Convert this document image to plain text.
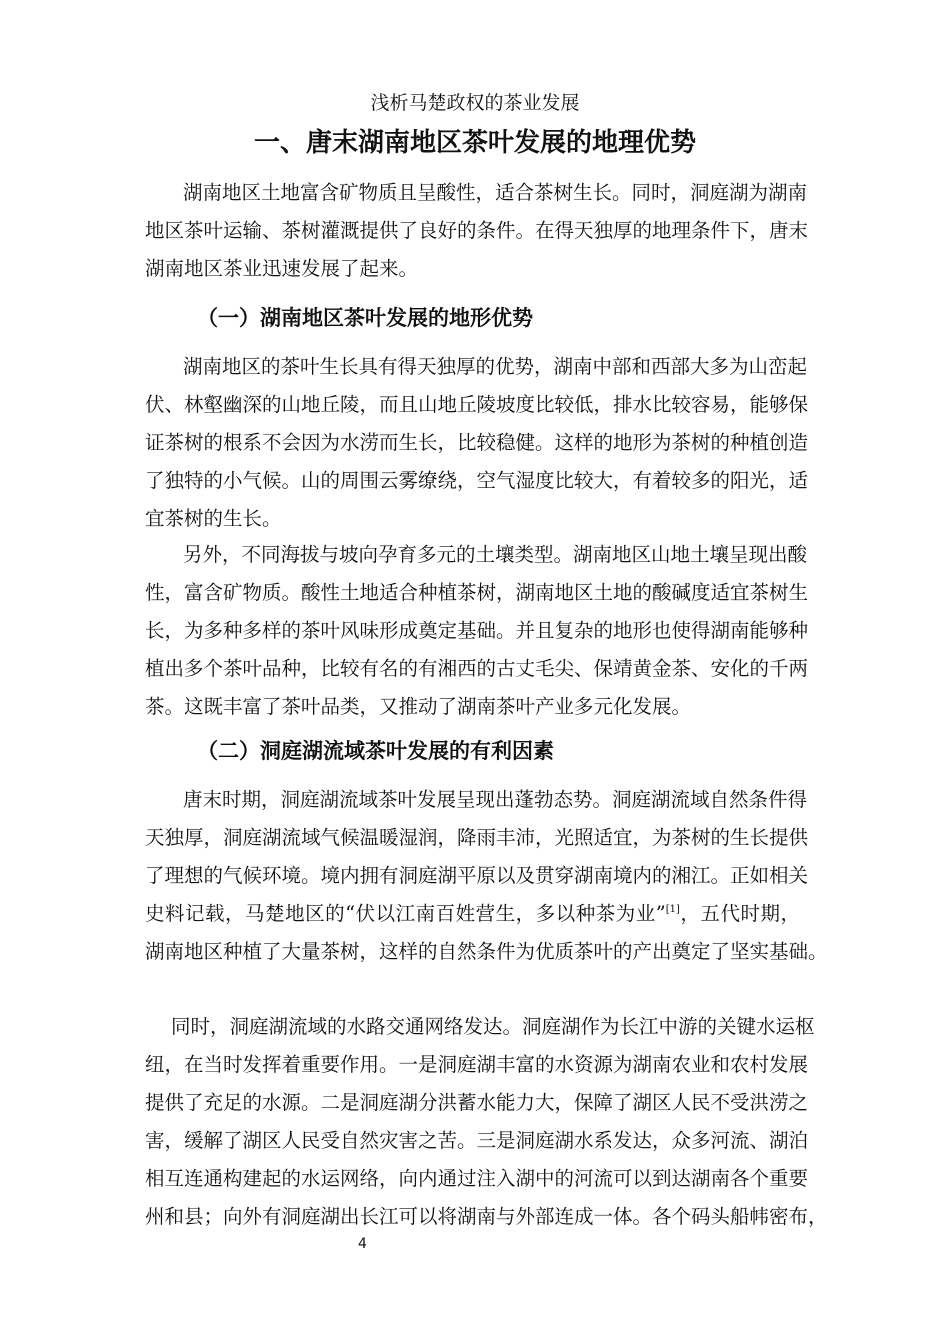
浅析马楚政权的茶业发展
一、唐末湖南地区茶叶发展的地理优势
湖南地区土地富含矿物质且呈酸性，适合茶树生长。同时，洞庭湖为湖南
地区茶叶运输、茶树灌溉提供了良好的条件。在得天独厚的地理条件下，唐末
湖南地区茶业迅速发展了起来。
（一）湖南地区茶叶发展的地形优势
湖南地区的茶叶生长具有得天独厚的优势，湖南中部和西部大多为山峦起
伏、林壑幽深的山地丘陵，而且山地丘陵坡度比较低，排水比较容易，能够保
证茶树的根系不会因为水涝而生长，比较稳健。这样的地形为茶树的种植创造
了独特的小气候。山的周围云雾缭绕，空气湿度比较大，有着较多的阳光，适
宜茶树的生长。
另外，不同海拔与坡向孕育多元的土壤类型。湖南地区山地土壤呈现出酸
性，富含矿物质。酸性土地适合种植茶树，湖南地区土地的酸碱度适宜茶树生
长，为多种多样的茶叶风味形成奠定基础。并且复杂的地形也使得湖南能够种
植出多个茶叶品种，比较有名的有湘西的古丈毛尖、保靖黄金茶、安化的千两
茶。这既丰富了茶叶品类，又推动了湖南茶叶产业多元化发展。
（二）洞庭湖流域茶叶发展的有利因素
唐末时期，洞庭湖流域茶叶发展呈现出蓬勃态势。洞庭湖流域自然条件得
天独厚，洞庭湖流域气候温暖湿润，降雨丰沛，光照适宜，为茶树的生长提供
了理想的气候环境。境内拥有洞庭湖平原以及贯穿湖南境内的湘江。正如相关
史料记载，马楚地区的“伏以江南百姓营生，多以种茶为业”[1]，五代时期，
湖南地区种植了大量茶树，这样的自然条件为优质茶叶的产出奠定了坚实基础。
同时，洞庭湖流域的水路交通网络发达。洞庭湖作为长江中游的关键水运枢
纽，在当时发挥着重要作用。一是洞庭湖丰富的水资源为湖南农业和农村发展
提供了充足的水源。二是洞庭湖分洪蓄水能力大，保障了湖区人民不受洪涝之
害，缓解了湖区人民受自然灾害之苦。三是洞庭湖水系发达，众多河流、湖泊
相互连通构建起的水运网络，向内通过注入湖中的河流可以到达湖南各个重要
州和县；向外有洞庭湖出长江可以将湖南与外部连成一体。各个码头船帏密布，
4
